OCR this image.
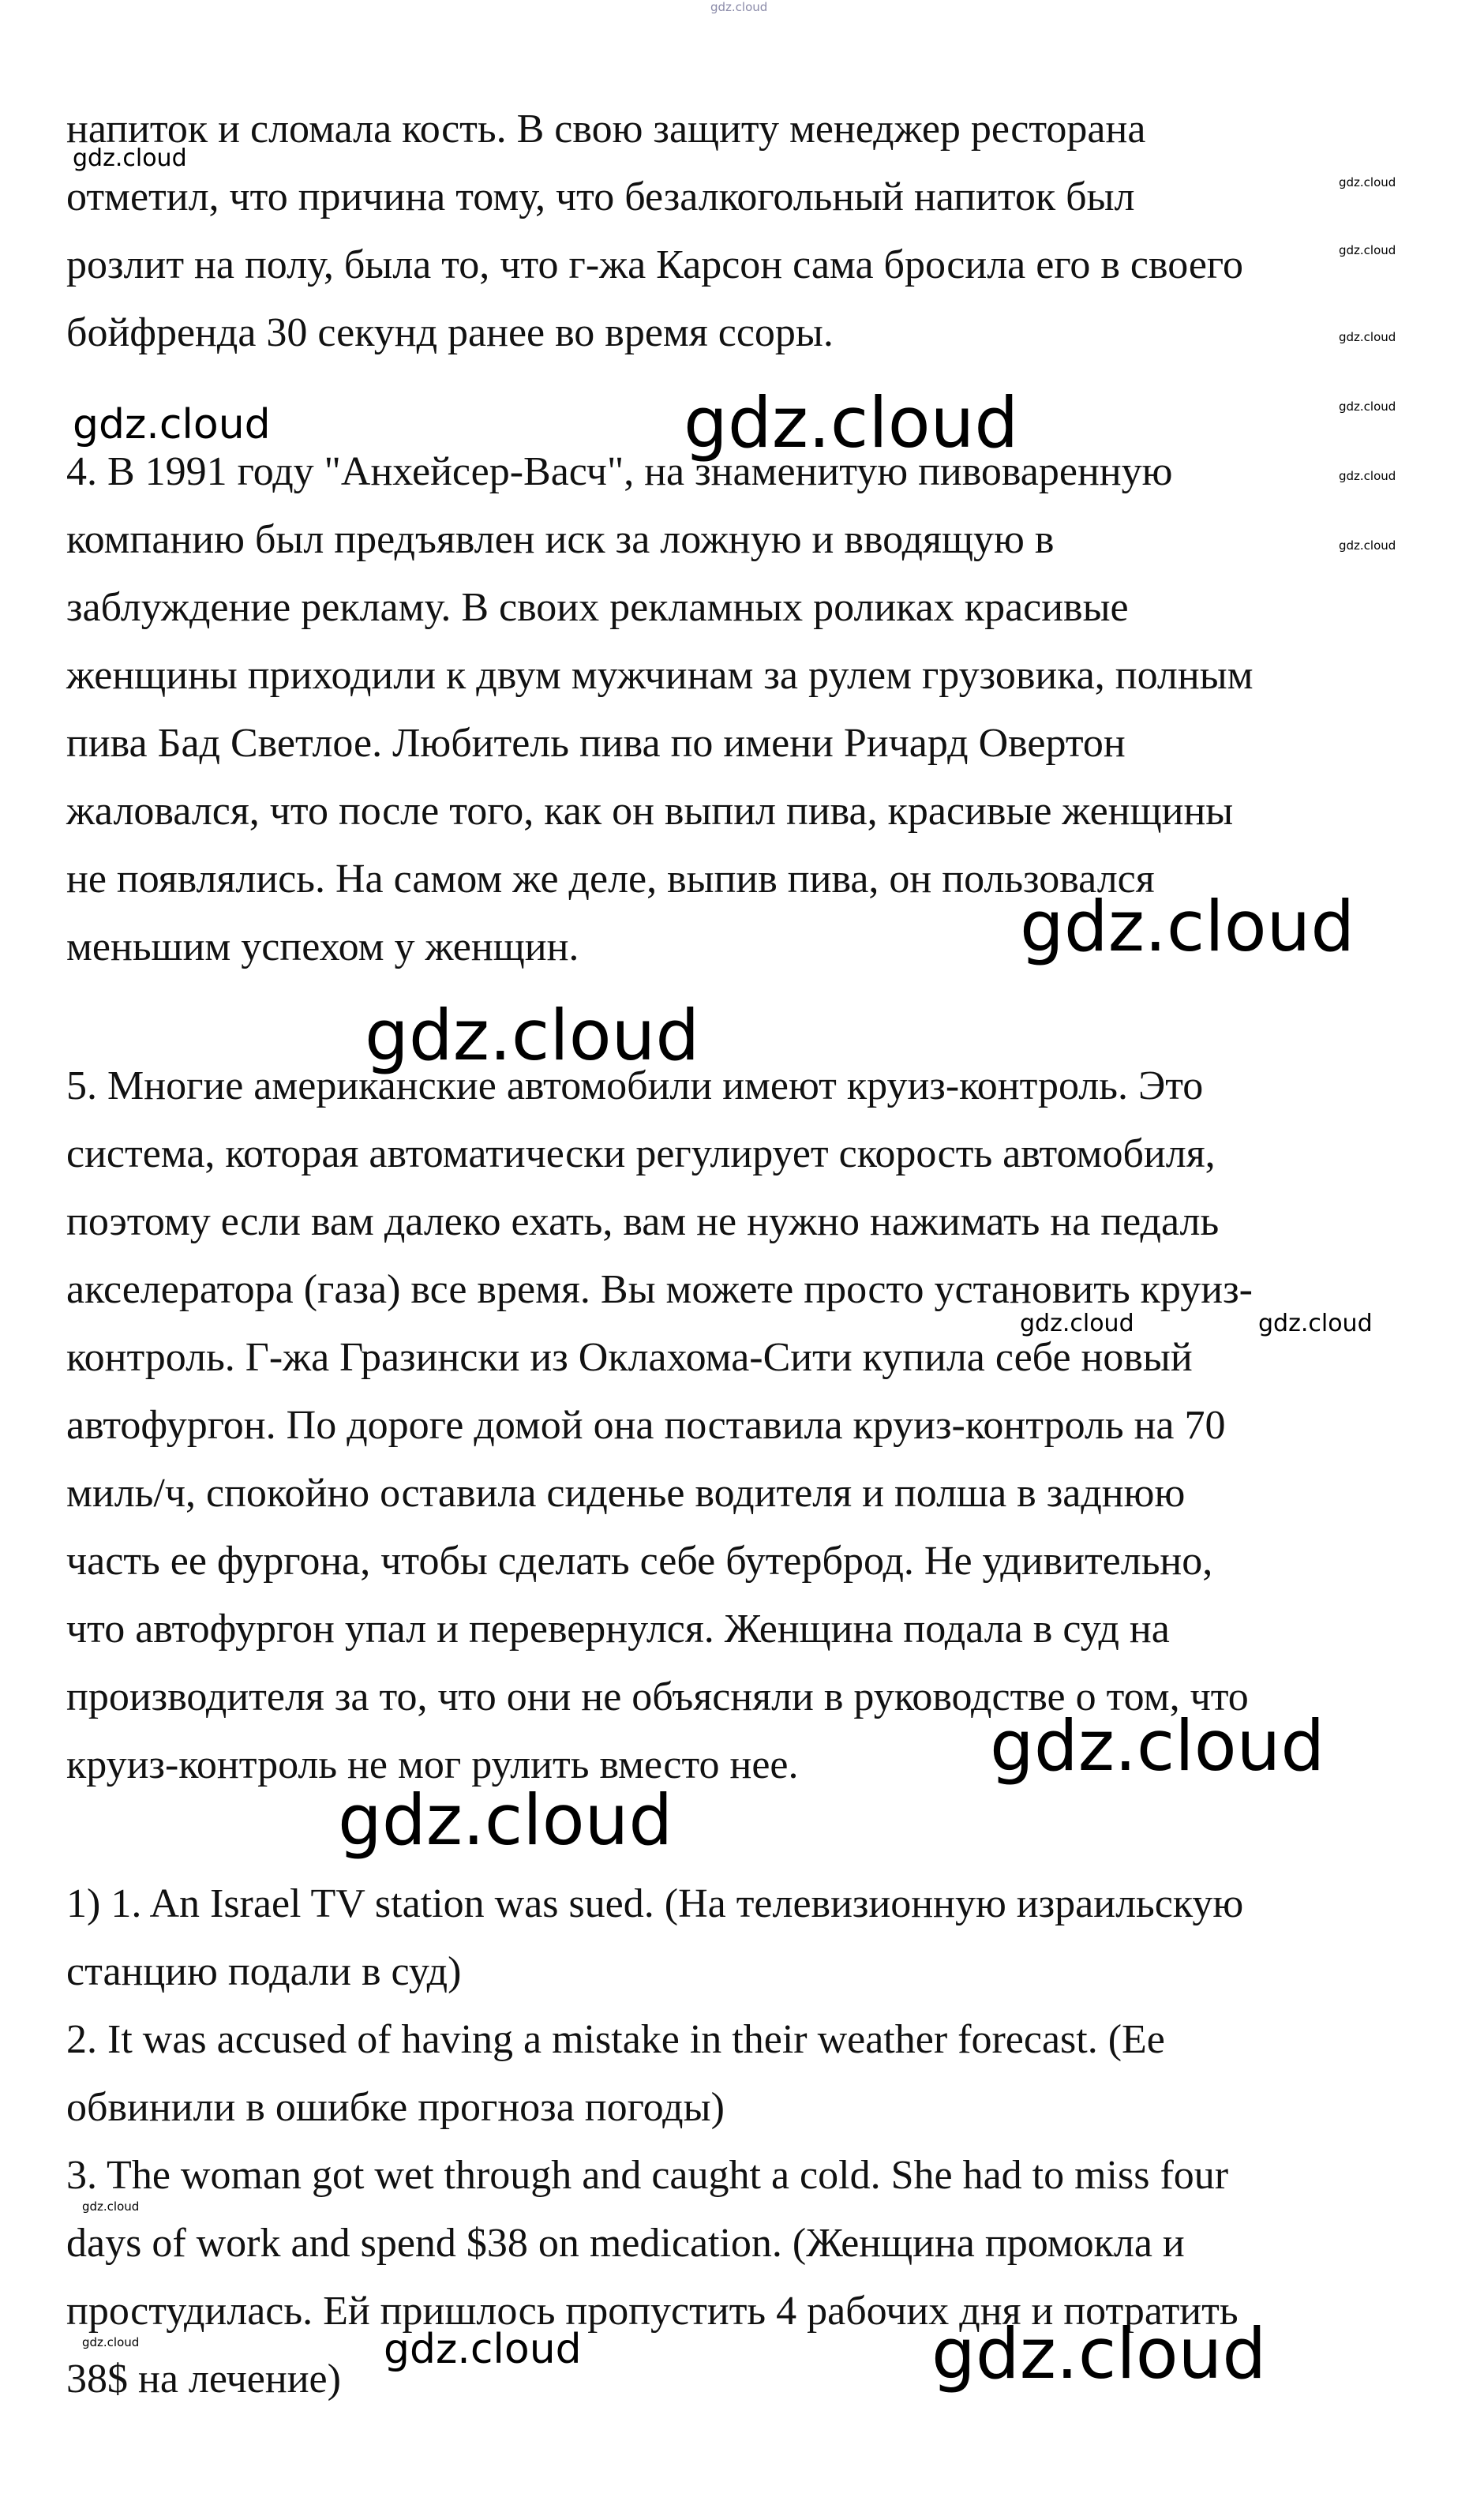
напиток и сломала кость. В свою защиту менеджер ресторана
отметил, что причина тому, что безалкогольный напиток был
розлит на полу, была то, что г-жа Карсон сама бросила его в своего
бойфренда 30 секунд ранее во время ссоры.
4. В 1991 году "Анхейсер-Васч", на знаменитую пивоваренную
компанию был предъявлен иск за ложную и вводящую в
заблуждение рекламу. В своих рекламных роликах красивые
женщины приходили к двум мужчинам за рулем грузовика, полным
пива Бад Светлое. Любитель пива по имени Ричард Овертон
жаловался, что после того, как он выпил пива, красивые женщины
не появлялись. На самом же деле, выпив пива, он пользовался
меньшим успехом у женщин.
5. Многие американские автомобили имеют круиз-контроль. Это
система, которая автоматически регулирует скорость автомобиля,
поэтому если вам далеко ехать, вам не нужно нажимать на педаль
акселератора (газа) все время. Вы можете просто установить круиз-
контроль. Г-жа Гразински из Оклахома-Сити купила себе новый
автофургон. По дороге домой она поставила круиз-контроль на 70
миль/ч, спокойно оставила сиденье водителя и полша в заднюю
часть ее фургона, чтобы сделать себе бутерброд. Не удивительно,
что автофургон упал и перевернулся. Женщина подала в суд на
производителя за то, что они не объясняли в руководстве о том, что
круиз-контроль не мог рулить вместо нее.
1) 1. An Israel TV station was sued. (На телевизионную израильскую
станцию подали в суд)
2. It was accused of having a mistake in their weather forecast. (Ее
обвинили в ошибке прогноза погоды)
3. The woman got wet through and caught a cold. She had to miss four
days of work and spend $38 on medication. (Женщина промокла и
простудилась. Ей пришлось пропустить 4 рабочих дня и потратить
38$ на лечение)
gdz.cloud
gdz.cloud
gdz.cloud
gdz.cloud
gdz.cloud
gdz.cloud
gdz.cloud
gdz.cloud
gdz.cloud	gdz.cloud
gdz.cloud
gdz.cloud
gdz.cloud	gdz.cloud
gdz.cloud
gdz.cloud
gdz.cloud
gdz.cloud	gdz.cloud	gdz.cloud
